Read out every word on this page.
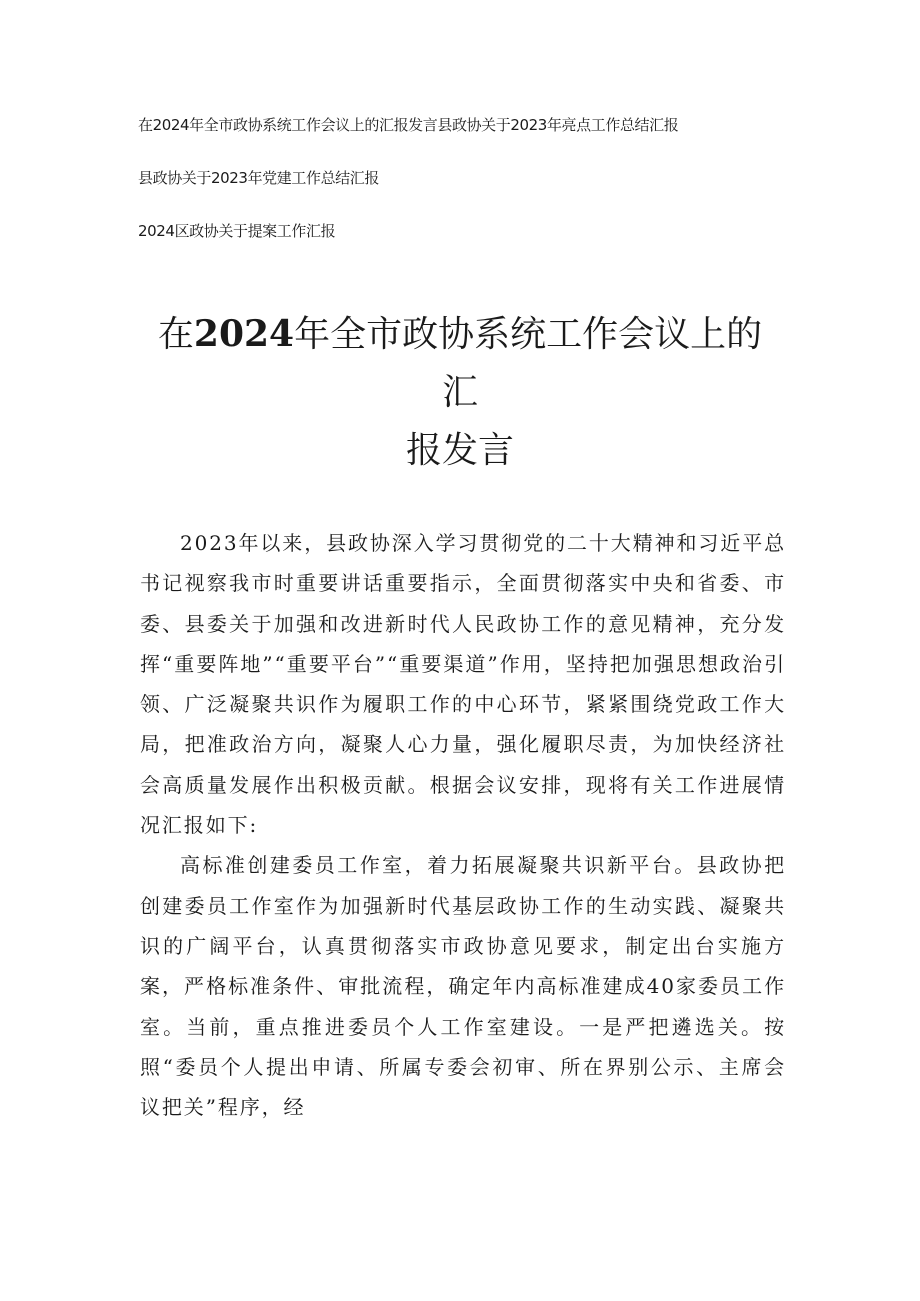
在2024年全市政协系统工作会议上的汇报发言县政协关于2023年亮点工作总结汇报
县政协关于2023年党建工作总结汇报
2024区政协关于提案工作汇报
在2024年全市政协系统工作会议上的
汇
报发言

2023年以来，县政协深入学习贯彻党的二十大精神和习近平总书记视察我市时重要讲话重要指示，全面贯彻落实中央和省委、市委、县委关于加强和改进新时代人民政协工作的意见精神，充分发挥“重要阵地”“重要平台”“重要渠道”作用，坚持把加强思想政治引领、广泛凝聚共识作为履职工作的中心环节，紧紧围绕党政工作大局，把准政治方向，凝聚人心力量，强化履职尽责，为加快经济社会高质量发展作出积极贡献。根据会议安排，现将有关工作进展情况汇报如下:

高标准创建委员工作室，着力拓展凝聚共识新平台。县政协把创建委员工作室作为加强新时代基层政协工作的生动实践、凝聚共识的广阔平台，认真贯彻落实市政协意见要求，制定出台实施方案，严格标准条件、审批流程，确定年内高标准建成40家委员工作室。当前，重点推进委员个人工作室建设。一是严把遴选关。按照“委员个人提出申请、所属专委会初审、所在界别公示、主席会议把关”程序，经
